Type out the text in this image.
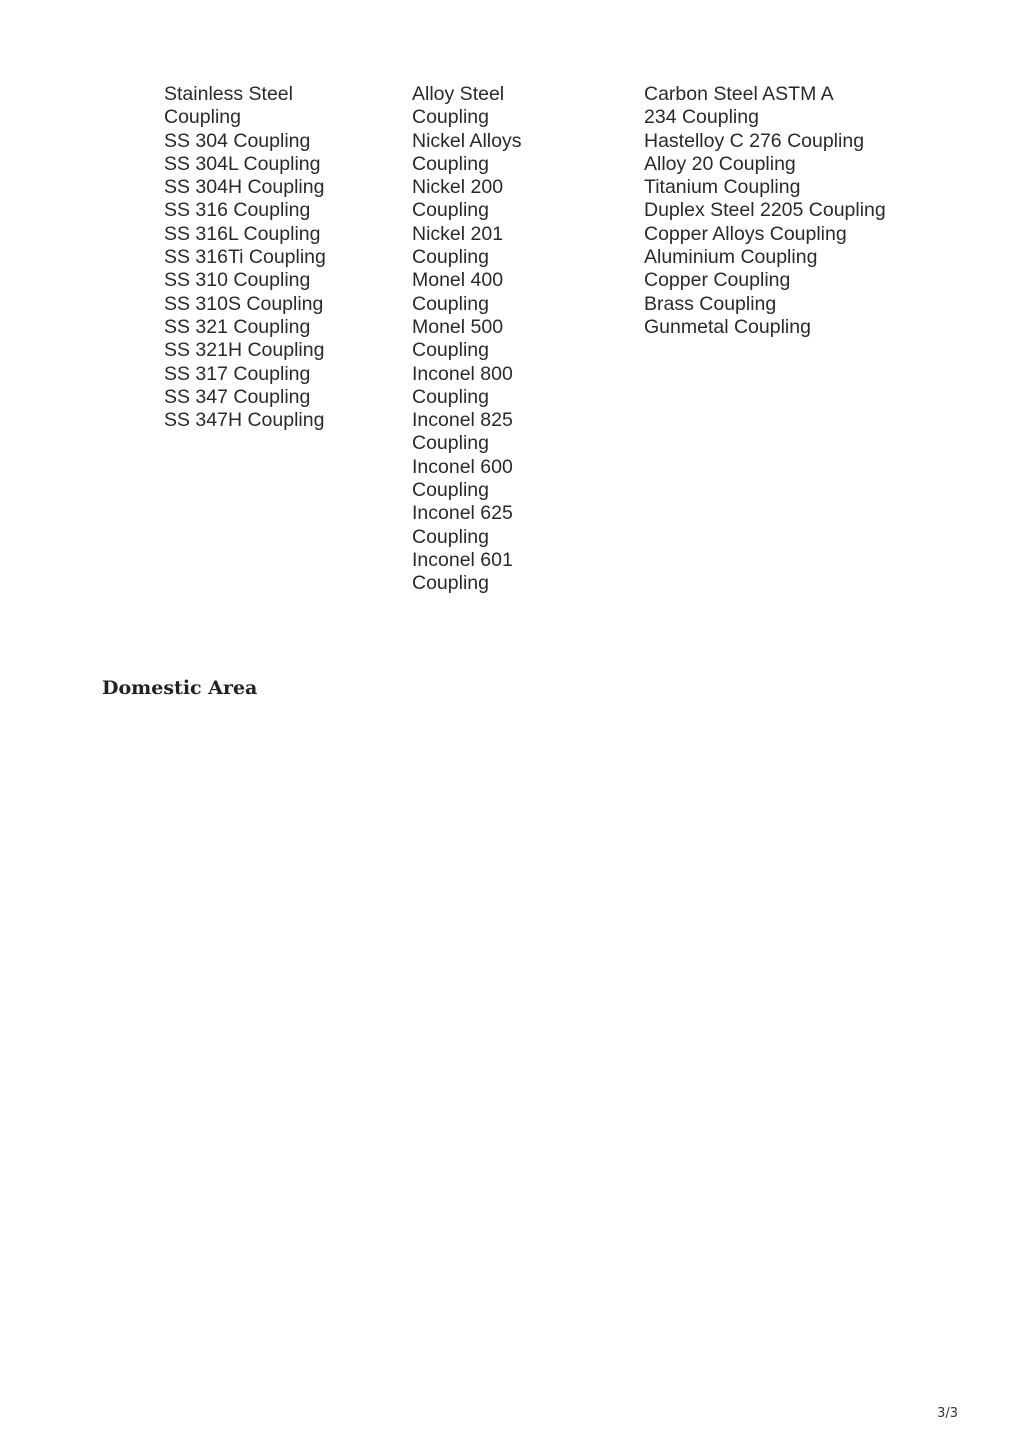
Stainless Steel Coupling
SS 304 Coupling
SS 304L Coupling
SS 304H Coupling
SS 316 Coupling
SS 316L Coupling
SS 316Ti Coupling
SS 310 Coupling
SS 310S Coupling
SS 321 Coupling
SS 321H Coupling
SS 317 Coupling
SS 347 Coupling
SS 347H Coupling
Alloy Steel Coupling
Nickel Alloys Coupling
Nickel 200 Coupling
Nickel 201 Coupling
Monel 400 Coupling
Monel 500 Coupling
Inconel 800 Coupling
Inconel 825 Coupling
Inconel 600 Coupling
Inconel 625 Coupling
Inconel 601 Coupling
Carbon Steel ASTM A 234 Coupling
Hastelloy C 276 Coupling
Alloy 20 Coupling
Titanium Coupling
Duplex Steel 2205 Coupling
Copper Alloys Coupling
Aluminium Coupling
Copper Coupling
Brass Coupling
Gunmetal Coupling
Domestic Area
3/3
